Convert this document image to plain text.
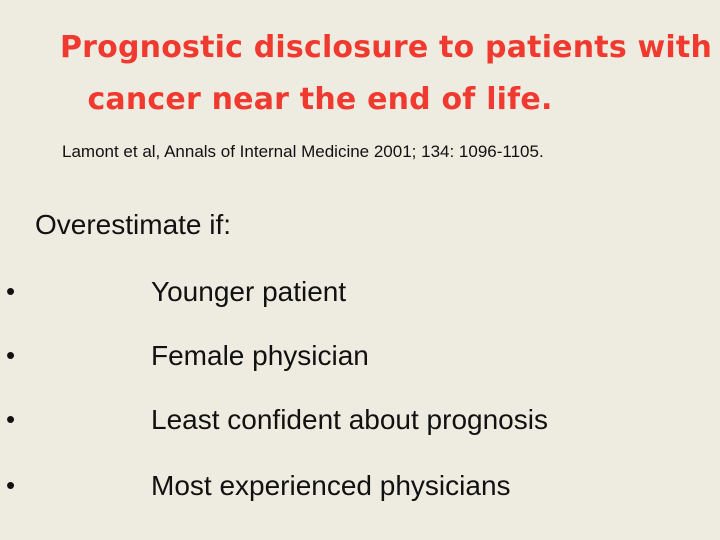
Prognostic disclosure to patients with
cancer near the end of life.
Lamont et al, Annals of Internal Medicine 2001; 134: 1096-1105.
Overestimate if:
•	Younger patient
•	Female physician
•	Least confident about prognosis
•	Most experienced physicians
